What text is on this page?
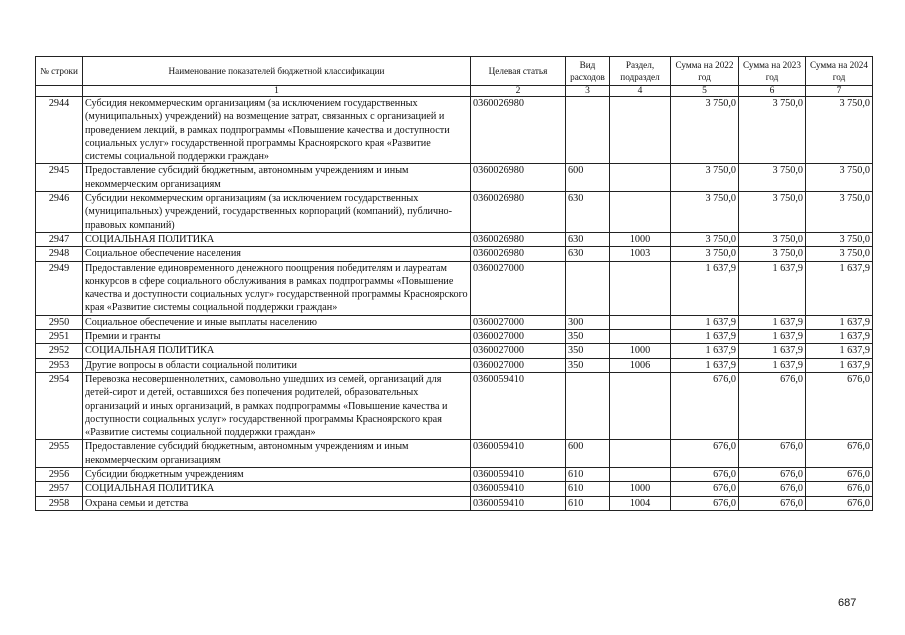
№ строки	Наименование показателей бюджетной классификации	Целевая статья	Вид расходов	Раздел, подраздел	Сумма на 2022 год	Сумма на 2023 год	Сумма на 2024 год
	1	2	3	4	5	6	7
2944	Субсидия некоммерческим организациям (за исключением государственных (муниципальных) учреждений) на возмещение затрат, связанных с организацией и проведением лекций, в рамках подпрограммы «Повышение качества и доступности социальных услуг» государственной программы Красноярского края «Развитие системы социальной поддержки граждан»	0360026980			3 750,0	3 750,0	3 750,0
2945	Предоставление субсидий бюджетным, автономным учреждениям и иным некоммерческим организациям	0360026980	600		3 750,0	3 750,0	3 750,0
2946	Субсидии некоммерческим организациям (за исключением государственных (муниципальных) учреждений, государственных корпораций (компаний), публично-правовых компаний)	0360026980	630		3 750,0	3 750,0	3 750,0
2947	СОЦИАЛЬНАЯ ПОЛИТИКА	0360026980	630	1000	3 750,0	3 750,0	3 750,0
2948	Социальное обеспечение населения	0360026980	630	1003	3 750,0	3 750,0	3 750,0
2949	Предоставление единовременного денежного поощрения победителям и лауреатам конкурсов в сфере социального обслуживания в рамках подпрограммы «Повышение качества и доступности социальных услуг» государственной программы Красноярского края «Развитие системы социальной поддержки граждан»	0360027000			1 637,9	1 637,9	1 637,9
2950	Социальное обеспечение и иные выплаты населению	0360027000	300		1 637,9	1 637,9	1 637,9
2951	Премии и гранты	0360027000	350		1 637,9	1 637,9	1 637,9
2952	СОЦИАЛЬНАЯ ПОЛИТИКА	0360027000	350	1000	1 637,9	1 637,9	1 637,9
2953	Другие вопросы в области социальной политики	0360027000	350	1006	1 637,9	1 637,9	1 637,9
2954	Перевозка несовершеннолетних, самовольно ушедших из семей, организаций для детей-сирот и детей, оставшихся без попечения родителей, образовательных организаций и иных организаций, в рамках подпрограммы «Повышение качества и доступности социальных услуг» государственной программы Красноярского края «Развитие системы социальной поддержки граждан»	0360059410			676,0	676,0	676,0
2955	Предоставление субсидий бюджетным, автономным учреждениям и иным некоммерческим организациям	0360059410	600		676,0	676,0	676,0
2956	Субсидии бюджетным учреждениям	0360059410	610		676,0	676,0	676,0
2957	СОЦИАЛЬНАЯ ПОЛИТИКА	0360059410	610	1000	676,0	676,0	676,0
2958	Охрана семьи и детства	0360059410	610	1004	676,0	676,0	676,0
687
